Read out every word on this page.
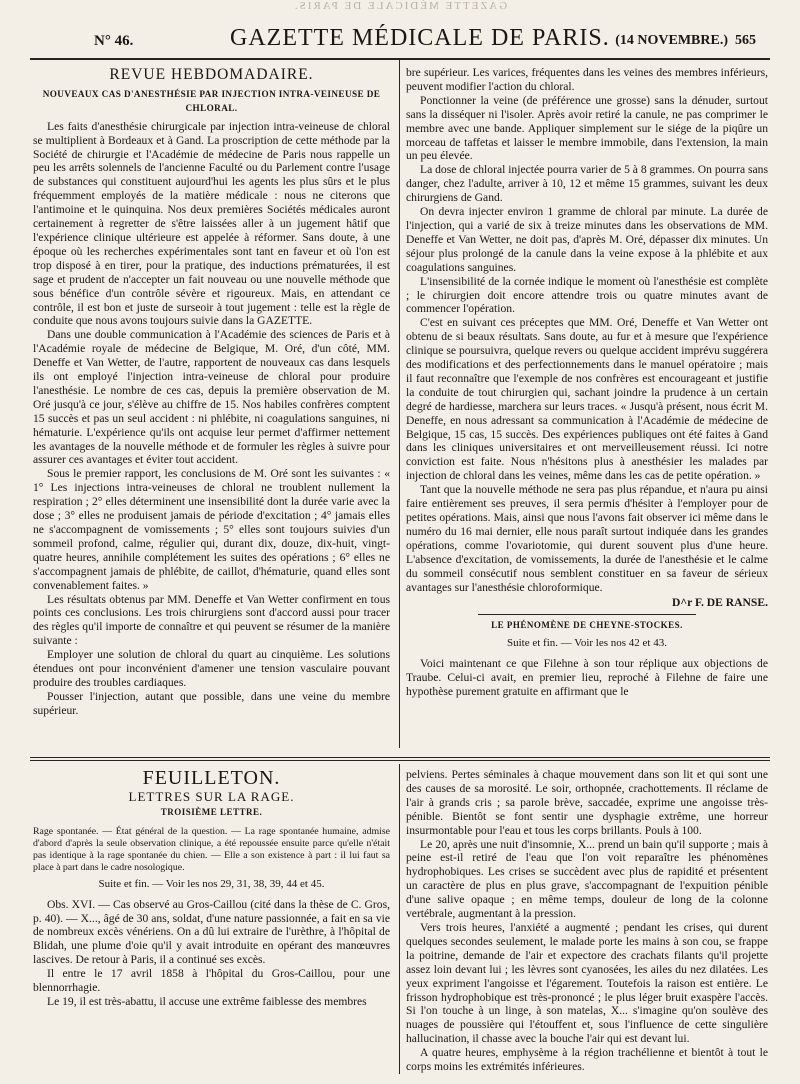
GAZETTE MÉDICALE DE PARIS.
N° 46.	GAZETTE MÉDICALE DE PARIS. (14 NOVEMBRE.) 565
REVUE HEBDOMADAIRE.
NOUVEAUX CAS D'ANESTHÉSIE PAR INJECTION INTRA-VEINEUSE DE CHLORAL.

Les faits d'anesthésie chirurgicale par injection intra-veineuse de chloral se multiplient à Bordeaux et à Gand. La proscription de cette méthode par la Société de chirurgie et l'Académie de médecine de Paris nous rappelle un peu les arrêts solennels de l'ancienne Faculté ou du Parlement contre l'usage de substances qui constituent aujourd'hui les agents les plus sûrs et le plus fréquemment employés de la matière médicale : nous ne citerons que l'antimoine et le quinquina. Nos deux premières Sociétés médicales auront certainement à regretter de s'être laissées aller à un jugement hâtif que l'expérience clinique ultérieure est appelée à réformer. Sans doute, à une époque où les recherches expérimentales sont tant en faveur et où l'on est trop disposé à en tirer, pour la pratique, des inductions prématurées, il est sage et prudent de n'accepter un fait nouveau ou une nouvelle méthode que sous bénéfice d'un contrôle sévère et rigoureux. Mais, en attendant ce contrôle, il est bon et juste de surseoir à tout jugement : telle est la règle de conduite que nous avons toujours suivie dans la GAZETTE.

Dans une double communication à l'Académie des sciences de Paris et à l'Académie royale de médecine de Belgique, M. Oré, d'un côté, MM. Deneffe et Van Wetter, de l'autre, rapportent de nouveaux cas dans lesquels ils ont employé l'injection intra-veineuse de chloral pour produire l'anesthésie. Le nombre de ces cas, depuis la première observation de M. Oré jusqu'à ce jour, s'élève au chiffre de 15. Nos habiles confrères comptent 15 succès et pas un seul accident : ni phlébite, ni coagulations sanguines, ni hématurie. L'expérience qu'ils ont acquise leur permet d'affirmer nettement les avantages de la nouvelle méthode et de formuler les règles à suivre pour assurer ces avantages et éviter tout accident.

Sous le premier rapport, les conclusions de M. Oré sont les suivantes : « 1° Les injections intra-veineuses de chloral ne troublent nullement la respiration ; 2° elles déterminent une insensibilité dont la durée varie avec la dose ; 3° elles ne produisent jamais de période d'excitation ; 4° jamais elles ne s'accompagnent de vomissements ; 5° elles sont toujours suivies d'un sommeil profond, calme, régulier qui, durant dix, douze, dix-huit, vingt-quatre heures, annihile complétement les suites des opérations ; 6° elles ne s'accompagnent jamais de phlébite, de caillot, d'hématurie, quand elles sont convenablement faites. »

Les résultats obtenus par MM. Deneffe et Van Wetter confirment en tous points ces conclusions. Les trois chirurgiens sont d'accord aussi pour tracer des règles qu'il importe de connaître et qui peuvent se résumer de la manière suivante :

Employer une solution de chloral du quart au cinquième. Les solutions étendues ont pour inconvénient d'amener une tension vasculaire pouvant produire des troubles cardiaques.

Pousser l'injection, autant que possible, dans une veine du membre supérieur.

bre supérieur. Les varices, fréquentes dans les veines des membres inférieurs, peuvent modifier l'action du chloral.

Ponctionner la veine (de préférence une grosse) sans la dénuder, surtout sans la disséquer ni l'isoler. Après avoir retiré la canule, ne pas comprimer le membre avec une bande. Appliquer simplement sur le siége de la piqûre un morceau de taffetas et laisser le membre immobile, dans l'extension, la main un peu élevée.

La dose de chloral injectée pourra varier de 5 à 8 grammes. On pourra sans danger, chez l'adulte, arriver à 10, 12 et même 15 grammes, suivant les deux chirurgiens de Gand.

On devra injecter environ 1 gramme de chloral par minute. La durée de l'injection, qui a varié de six à treize minutes dans les observations de MM. Deneffe et Van Wetter, ne doit pas, d'après M. Oré, dépasser dix minutes. Un séjour plus prolongé de la canule dans la veine expose à la phlébite et aux coagulations sanguines.

L'insensibilité de la cornée indique le moment où l'anesthésie est complète ; le chirurgien doit encore attendre trois ou quatre minutes avant de commencer l'opération.

C'est en suivant ces préceptes que MM. Oré, Deneffe et Van Wetter ont obtenu de si beaux résultats. Sans doute, au fur et à mesure que l'expérience clinique se poursuivra, quelque revers ou quelque accident imprévu suggérera des modifications et des perfectionnements dans le manuel opératoire ; mais il faut reconnaître que l'exemple de nos confrères est encourageant et justifie la conduite de tout chirurgien qui, sachant joindre la prudence à un certain degré de hardiesse, marchera sur leurs traces. « Jusqu'à présent, nous écrit M. Deneffe, en nous adressant sa communication à l'Académie de médecine de Belgique, 15 cas, 15 succès. Des expériences publiques ont été faites à Gand dans les cliniques universitaires et ont merveilleusement réussi. Ici notre conviction est faite. Nous n'hésitons plus à anesthésier les malades par injection de chloral dans les veines, même dans les cas de petite opération. »

Tant que la nouvelle méthode ne sera pas plus répandue, et n'aura pu ainsi faire entièrement ses preuves, il sera permis d'hésiter à l'employer pour de petites opérations. Mais, ainsi que nous l'avons fait observer ici même dans le numéro du 16 mai dernier, elle nous paraît surtout indiquée dans les grandes opérations, comme l'ovariotomie, qui durent souvent plus d'une heure. L'absence d'excitation, de vomissements, la durée de l'anesthésie et le calme du sommeil consécutif nous semblent constituer en sa faveur de sérieux avantages sur l'anesthésie chloroformique.

D^r F. DE RANSE.
LE PHÉNOMÈNE DE CHEYNE-STOCKES.
Suite et fin. — Voir les nos 42 et 43.

Voici maintenant ce que Filehne à son tour réplique aux objections de Traube. Celui-ci avait, en premier lieu, reproché à Filehne de faire une hypothèse purement gratuite en affirmant que le

FEUILLETON.
LETTRES SUR LA RAGE.
TROISIÈME LETTRE.

Rage spontanée. — État général de la question. — La rage spontanée humaine, admise d'abord d'après la seule observation clinique, a été repoussée ensuite parce qu'elle n'était pas identique à la rage spontanée du chien. — Elle a son existence à part : il lui faut sa place à part dans le cadre nosologique.

Suite et fin. — Voir les nos 29, 31, 38, 39, 44 et 45.

Obs. XVI. — Cas observé au Gros-Caillou (cité dans la thèse de C. Gros, p. 40). — X..., âgé de 30 ans, soldat, d'une nature passionnée, a fait en sa vie de nombreux excès vénériens. On a dû lui extraire de l'urèthre, à l'hôpital de Blidah, une plume d'oie qu'il y avait introduite en opérant des manœuvres lascives. De retour à Paris, il a continué ses excès.

Il entre le 17 avril 1858 à l'hôpital du Gros-Caillou, pour une blennorrhagie.

Le 19, il est très-abattu, il accuse une extrême faiblesse des membres

pelviens. Pertes séminales à chaque mouvement dans son lit et qui sont une des causes de sa morosité. Le soir, orthopnée, crachottements. Il réclame de l'air à grands cris ; sa parole brève, saccadée, exprime une angoisse très-pénible. Bientôt se font sentir une dysphagie extrême, une horreur insurmontable pour l'eau et tous les corps brillants. Pouls à 100.

Le 20, après une nuit d'insomnie, X... prend un bain qu'il supporte ; mais à peine est-il retiré de l'eau que l'on voit reparaître les phénomènes hydrophobiques. Les crises se succèdent avec plus de rapidité et présentent un caractère de plus en plus grave, s'accompagnant de l'expuition pénible d'une salive opaque ; en même temps, douleur de long de la colonne vertébrale, augmentant à la pression.

Vers trois heures, l'anxiété a augmenté ; pendant les crises, qui durent quelques secondes seulement, le malade porte les mains à son cou, se frappe la poitrine, demande de l'air et expectore des crachats filants qu'il projette assez loin devant lui ; les lèvres sont cyanosées, les ailes du nez dilatées. Les yeux expriment l'angoisse et l'égarement. Toutefois la raison est entière. Le frisson hydrophobique est très-prononcé ; le plus léger bruit exaspère l'accès. Si l'on touche à un linge, à son matelas, X... s'imagine qu'on soulève des nuages de poussière qui l'étouffent et, sous l'influence de cette singulière hallucination, il chasse avec la bouche l'air qui est devant lui.

A quatre heures, emphysème à la région trachélienne et bientôt à tout le corps moins les extrémités inférieures.
